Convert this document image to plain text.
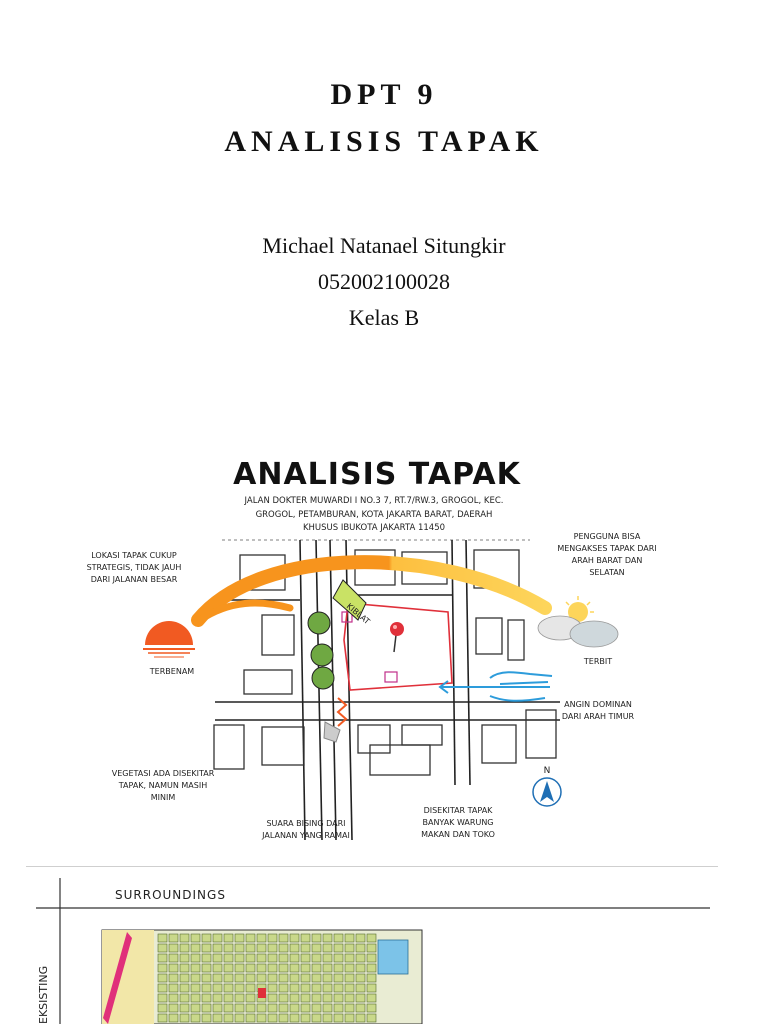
DPT 9
ANALISIS TAPAK
Michael Natanael Situngkir
052002100028
Kelas B
ANALISIS TAPAK
JALAN DOKTER MUWARDI I NO.3 7, RT.7/RW.3, GROGOL, KEC.
GROGOL, PETAMBURAN, KOTA JAKARTA BARAT, DAERAH
KHUSUS IBUKOTA JAKARTA 11450
KIBLAT
TERBENAM
TERBIT
N
LOKASI TAPAK CUKUP
STRATEGIS, TIDAK JAUH
DARI JALANAN BESAR
PENGGUNA BISA
MENGAKSES TAPAK DARI
ARAH BARAT DAN
SELATAN
ANGIN DOMINAN
DARI ARAH TIMUR
VEGETASI ADA DISEKITAR
TAPAK, NAMUN MASIH
MINIM
SUARA BISING DARI
JALANAN YANG RAMAI
DISEKITAR TAPAK
BANYAK WARUNG
MAKAN DAN TOKO
SURROUNDINGS
EKSISTING
